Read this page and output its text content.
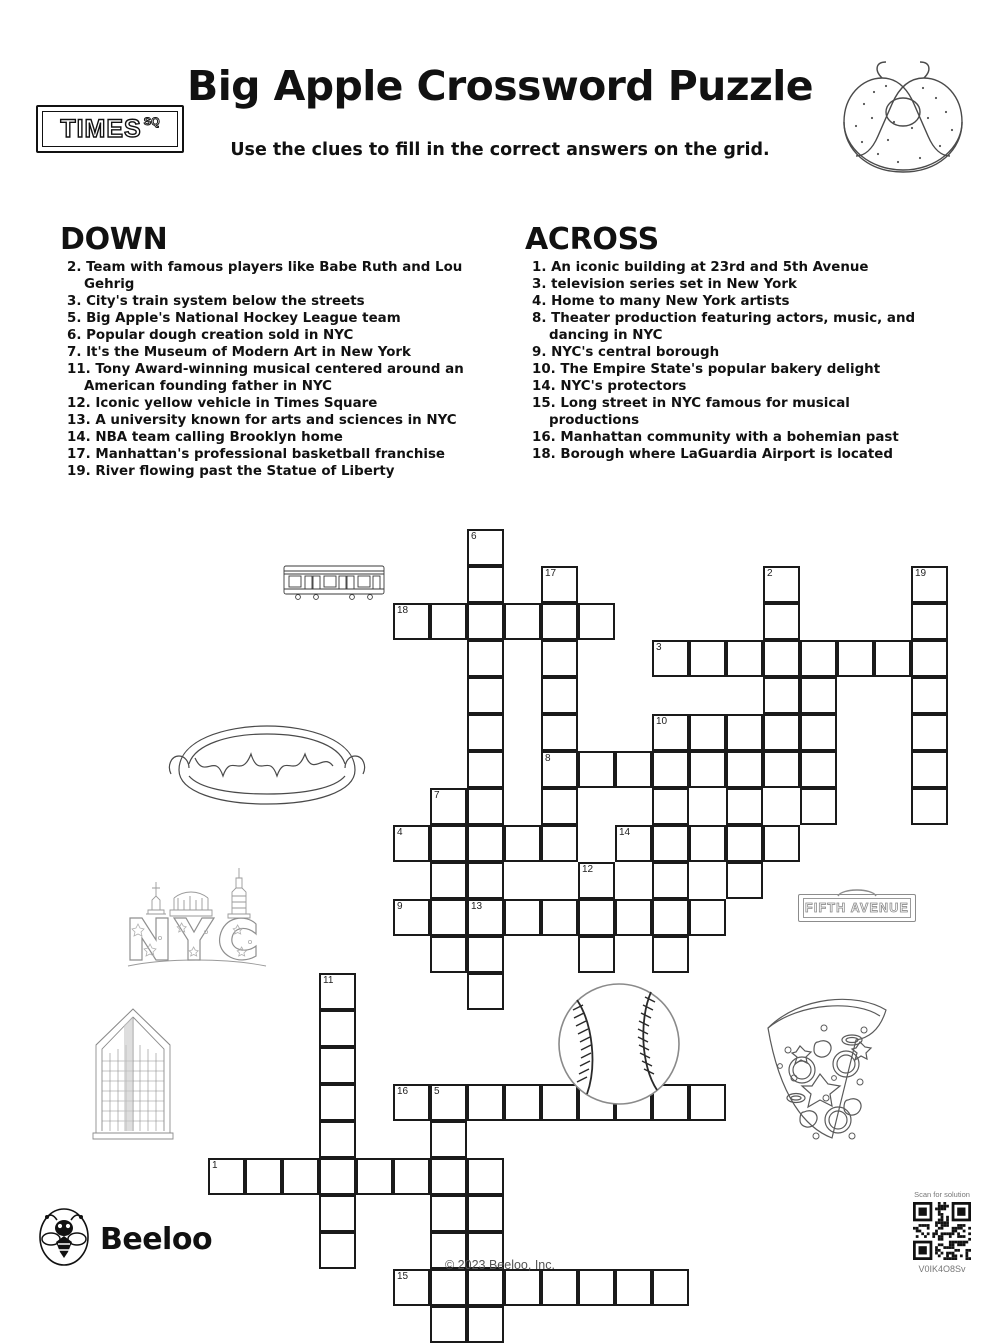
TIMES SQ
Big Apple Crossword Puzzle
Use the clues to fill in the correct answers on the grid.
DOWN
2. Team with famous players like Babe Ruth and Lou Gehrig
3. City's train system below the streets
5. Big Apple's National Hockey League team
6. Popular dough creation sold in NYC
7. It's the Museum of Modern Art in New York
11. Tony Award-winning musical centered around an American founding father in NYC
12. Iconic yellow vehicle in Times Square
13. A university known for arts and sciences in NYC
14. NBA team calling Brooklyn home
17. Manhattan's professional basketball franchise
19. River flowing past the Statue of Liberty
ACROSS
1. An iconic building at 23rd and 5th Avenue
3. television series set in New York
4. Home to many New York artists
8. Theater production featuring actors, music, and dancing in NYC
9. NYC's central borough
10. The Empire State's popular bakery delight
14. NYC's protectors
15. Long street in NYC famous for musical productions
16. Manhattan community with a bohemian past
18. Borough where LaGuardia Airport is located
6
17
8
2	19
18
3
10
7
4	14
12
9	13
11
16	5
1
15
FIFTH AVENUE
Beeloo
© 2023 Beeloo, Inc.
Scan for solution
V0IK4O8Sv
